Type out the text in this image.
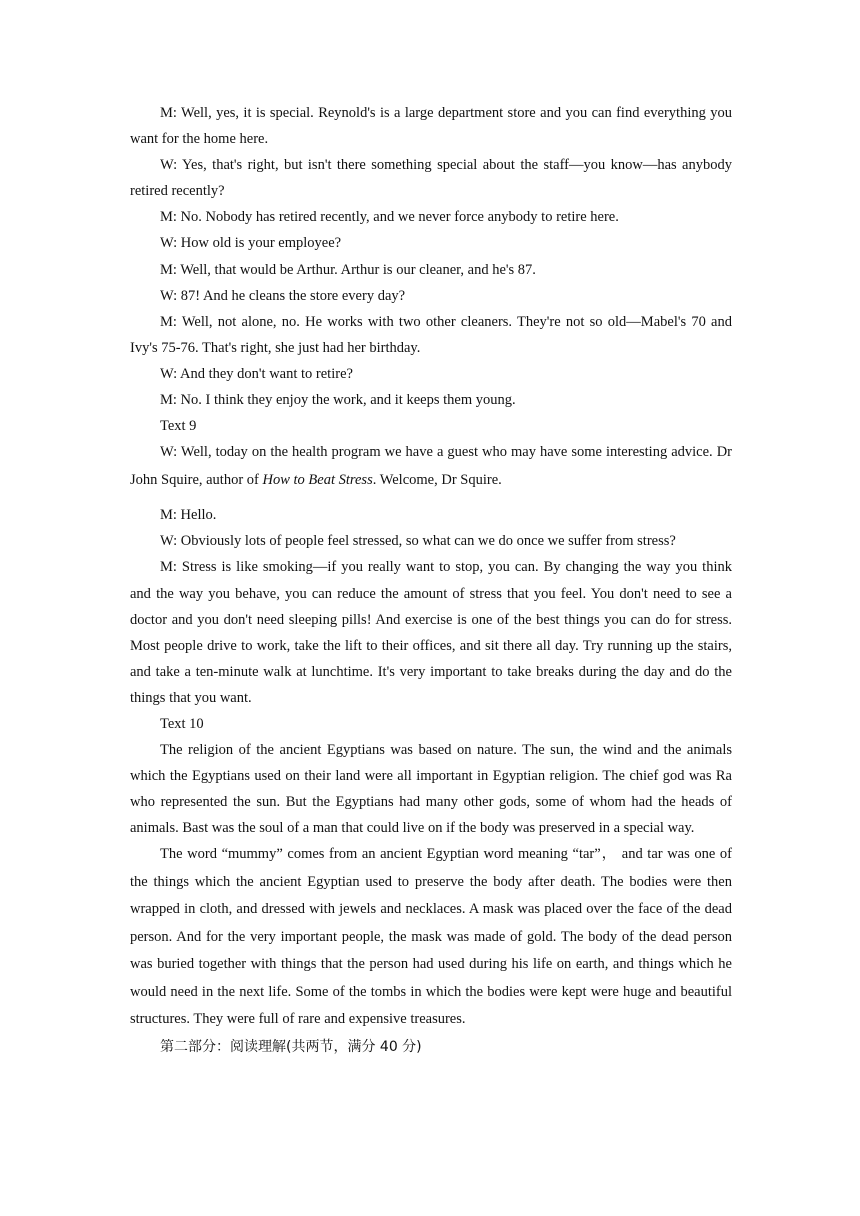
M: Well, yes, it is special. Reynold's is a large department store and you can find everything you want for the home here.

W: Yes, that's right, but isn't there something special about the staff—you know—has anybody retired recently?

M: No. Nobody has retired recently, and we never force anybody to retire here.

W: How old is your employee?

M: Well, that would be Arthur. Arthur is our cleaner, and he's 87.

W: 87! And he cleans the store every day?

M: Well, not alone, no. He works with two other cleaners. They're not so old—Mabel's 70 and Ivy's 75-76. That's right, she just had her birthday.

W: And they don't want to retire?

M: No. I think they enjoy the work, and it keeps them young.

Text 9

W: Well, today on the health program we have a guest who may have some interesting advice. Dr John Squire, author of How to Beat Stress. Welcome, Dr Squire.

M: Hello.

W: Obviously lots of people feel stressed, so what can we do once we suffer from stress?

M: Stress is like smoking—if you really want to stop, you can. By changing the way you think and the way you behave, you can reduce the amount of stress that you feel. You don't need to see a doctor and you don't need sleeping pills! And exercise is one of the best things you can do for stress. Most people drive to work, take the lift to their offices, and sit there all day. Try running up the stairs, and take a ten-minute walk at lunchtime. It's very important to take breaks during the day and do the things that you want.

Text 10

The religion of the ancient Egyptians was based on nature. The sun, the wind and the animals which the Egyptians used on their land were all important in Egyptian religion. The chief god was Ra who represented the sun. But the Egyptians had many other gods, some of whom had the heads of animals. Bast was the soul of a man that could live on if the body was preserved in a special way.

The word “mummy” comes from an ancient Egyptian word meaning “tar”， and tar was one of the things which the ancient Egyptian used to preserve the body after death. The bodies were then wrapped in cloth, and dressed with jewels and necklaces. A mask was placed over the face of the dead person. And for the very important people, the mask was made of gold. The body of the dead person was buried together with things that the person had used during his life on earth, and things which he would need in the next life. Some of the tombs in which the bodies were kept were huge and beautiful structures. They were full of rare and expensive treasures.

第二部分：阅读理解(共两节，满分 40 分)
